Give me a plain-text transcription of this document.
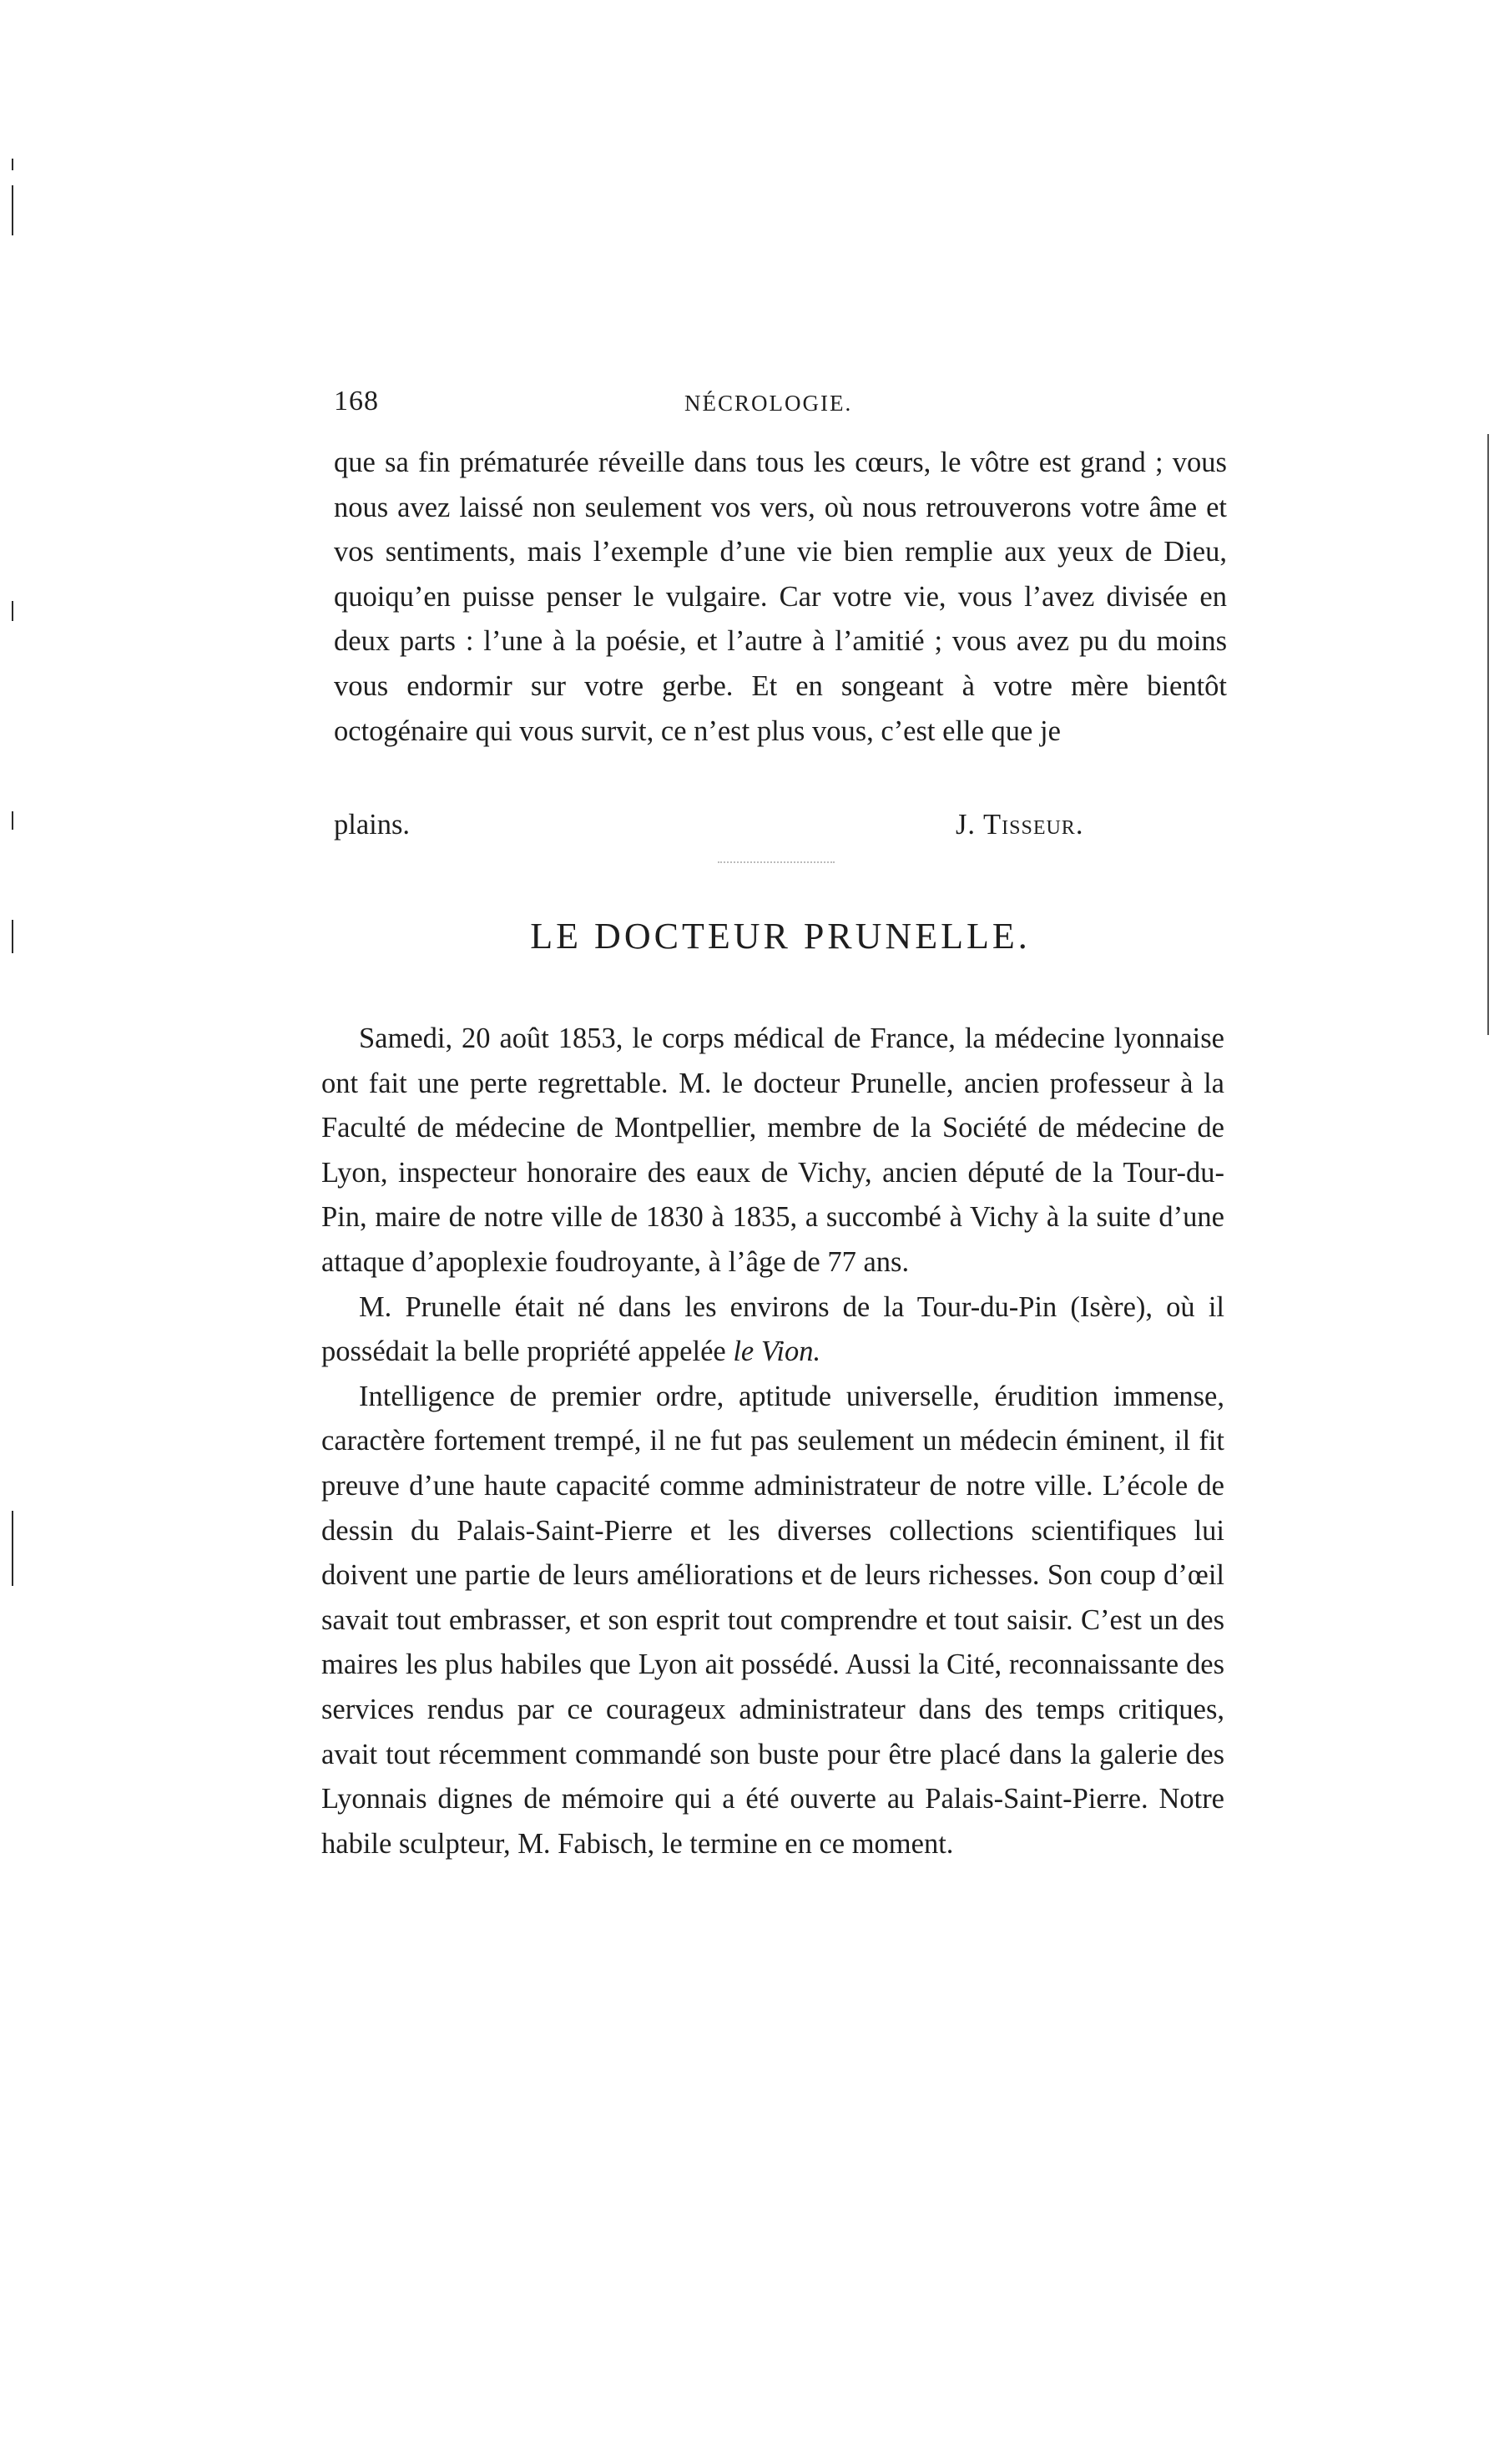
168	NÉCROLOGIE.

que sa fin prématurée réveille dans tous les cœurs, le vôtre est grand ; vous nous avez laissé non seulement vos vers, où nous retrouverons votre âme et vos sentiments, mais l’exemple d’une vie bien remplie aux yeux de Dieu, quoiqu’en puisse penser le vulgaire. Car votre vie, vous l’avez divisée en deux parts : l’une à la poésie, et l’autre à l’amitié ; vous avez pu du moins vous endormir sur votre gerbe. Et en songeant à votre mère bientôt octogénaire qui vous survit, ce n’est plus vous, c’est elle que je

plains.	J. Tisseur.
LE DOCTEUR PRUNELLE.

Samedi, 20 août 1853, le corps médical de France, la médecine lyonnaise ont fait une perte regrettable. M. le docteur Prunelle, ancien professeur à la Faculté de médecine de Montpellier, membre de la Société de médecine de Lyon, inspecteur honoraire des eaux de Vichy, ancien député de la Tour-du-Pin, maire de notre ville de 1830 à 1835, a succombé à Vichy à la suite d’une attaque d’apoplexie foudroyante, à l’âge de 77 ans.

M. Prunelle était né dans les environs de la Tour-du-Pin (Isère), où il possédait la belle propriété appelée le Vion.

Intelligence de premier ordre, aptitude universelle, érudition immense, caractère fortement trempé, il ne fut pas seulement un médecin éminent, il fit preuve d’une haute capacité comme administrateur de notre ville. L’école de dessin du Palais-Saint-Pierre et les diverses collections scientifiques lui doivent une partie de leurs améliorations et de leurs richesses. Son coup d’œil savait tout embrasser, et son esprit tout comprendre et tout saisir. C’est un des maires les plus habiles que Lyon ait possédé. Aussi la Cité, reconnaissante des services rendus par ce courageux administrateur dans des temps critiques, avait tout récemment commandé son buste pour être placé dans la galerie des Lyonnais dignes de mémoire qui a été ouverte au Palais-Saint-Pierre. Notre habile sculpteur, M. Fabisch, le termine en ce moment.
